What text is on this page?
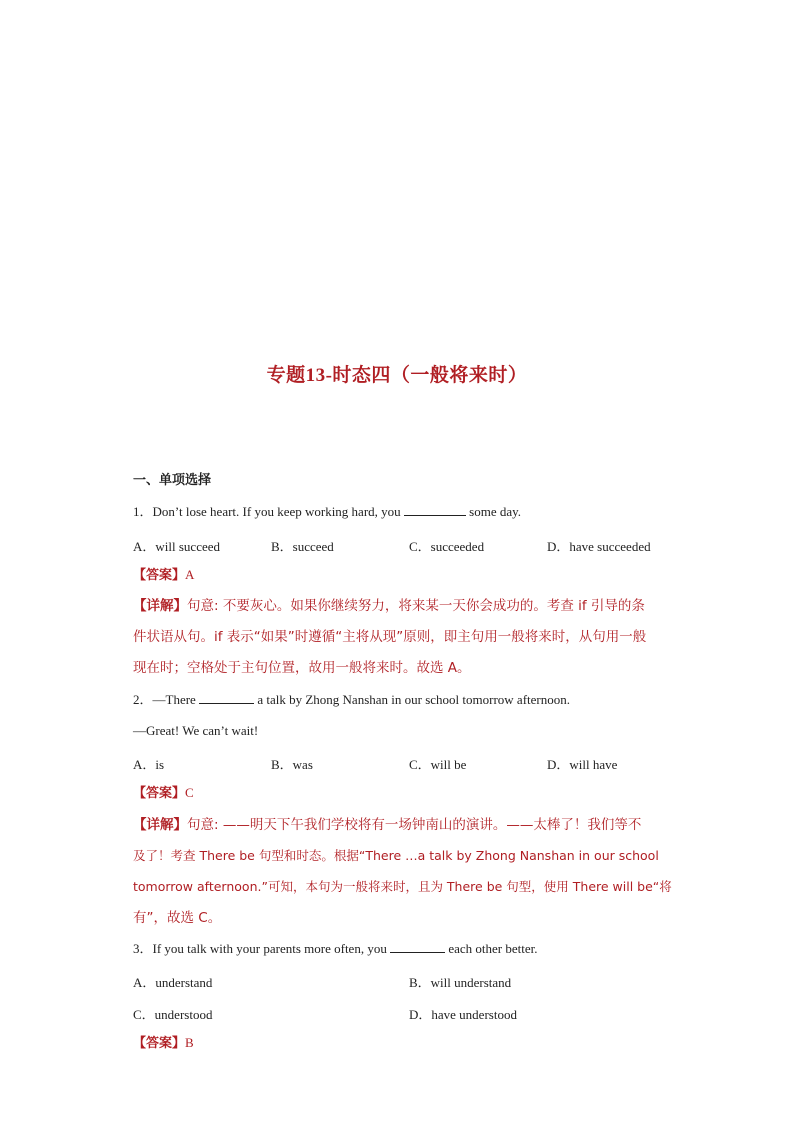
专题13-时态四（一般将来时）
一、单项选择
1．Don’t lose heart. If you keep working hard, you	some day.
A．will succeed	B．succeed	C．succeeded	D．have succeeded
【答案】A
【详解】句意: 不要灰心。如果你继续努力，将来某一天你会成功的。考查 if 引导的条
件状语从句。if 表示“如果”时遵循“主将从现”原则，即主句用一般将来时，从句用一般
现在时；空格处于主句位置，故用一般将来时。故选 A。
2．—There	a talk by Zhong Nanshan in our school tomorrow afternoon.
—Great! We can’t wait!
A．is	B．was	C．will be	D．will have
【答案】C
【详解】句意: ——明天下午我们学校将有一场钟南山的演讲。——太棒了！我们等不
及了！考查 There be 句型和时态。根据“There …a talk by Zhong Nanshan in our school
tomorrow afternoon.”可知，本句为一般将来时，且为 There be 句型，使用 There will be“将
有”，故选 C。
3．If you talk with your parents more often, you	each other better.
A．understand	B．will understand
C．understood	D．have understood
【答案】B
